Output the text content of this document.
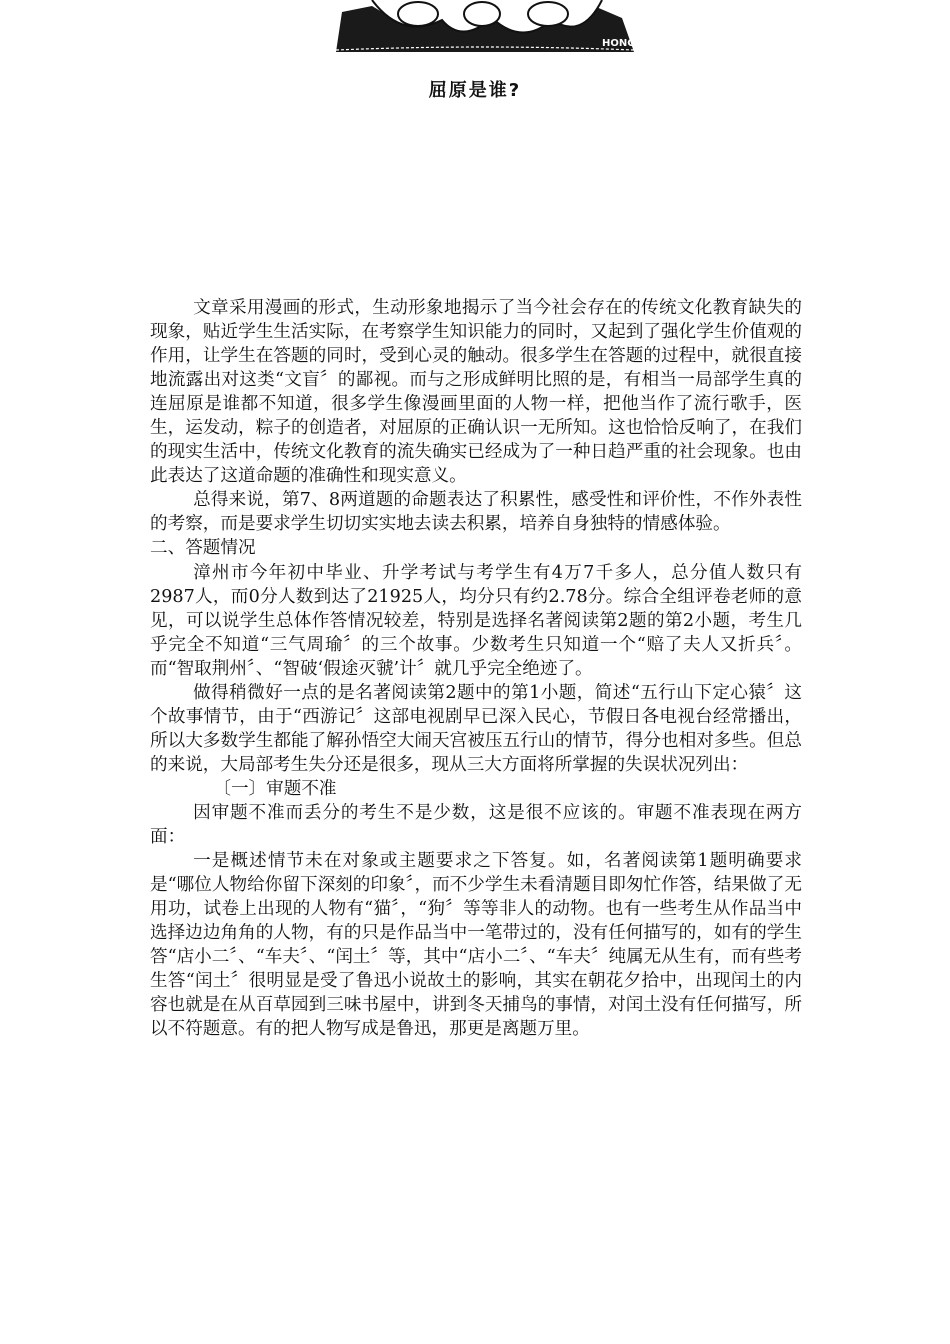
HONG
屈原是谁?

文章采用漫画的形式，生动形象地揭示了当今社会存在的传统文化教育缺失的现象，贴近学生生活实际，在考察学生知识能力的同时，又起到了强化学生价值观的作用，让学生在答题的同时，受到心灵的触动。很多学生在答题的过程中，就很直接地流露出对这类“文盲〞的鄙视。而与之形成鲜明比照的是，有相当一局部学生真的连屈原是谁都不知道，很多学生像漫画里面的人物一样，把他当作了流行歌手，医生，运发动，粽子的创造者，对屈原的正确认识一无所知。这也恰恰反响了，在我们的现实生活中，传统文化教育的流失确实已经成为了一种日趋严重的社会现象。也由此表达了这道命题的准确性和现实意义。

总得来说，第7、8两道题的命题表达了积累性，感受性和评价性，不作外表性的考察，而是要求学生切切实实地去读去积累，培养自身独特的情感体验。

二、答题情况

漳州市今年初中毕业、升学考试与考学生有4万7千多人，总分值人数只有2987人，而0分人数到达了21925人，均分只有约2.78分。综合全组评卷老师的意见，可以说学生总体作答情况较差，特别是选择名著阅读第2题的第2小题，考生几乎完全不知道“三气周瑜〞的三个故事。少数考生只知道一个“赔了夫人又折兵〞。而“智取荆州〞、“智破‘假途灭虢’计〞就几乎完全绝迹了。

做得稍微好一点的是名著阅读第2题中的第1小题，简述“五行山下定心猿〞这个故事情节，由于“西游记〞这部电视剧早已深入民心，节假日各电视台经常播出，所以大多数学生都能了解孙悟空大闹天宫被压五行山的情节，得分也相对多些。但总的来说，大局部考生失分还是很多，现从三大方面将所掌握的失误状况列出：

〔一〕审题不准

因审题不准而丢分的考生不是少数，这是很不应该的。审题不准表现在两方面：

一是概述情节未在对象或主题要求之下答复。如，名著阅读第1题明确要求是“哪位人物给你留下深刻的印象〞，而不少学生未看清题目即匆忙作答，结果做了无用功，试卷上出现的人物有“猫〞，“狗〞等等非人的动物。也有一些考生从作品当中选择边边角角的人物，有的只是作品当中一笔带过的，没有任何描写的，如有的学生答“店小二〞、“车夫〞、“闰土〞等，其中“店小二〞、“车夫〞纯属无从生有，而有些考生答“闰土〞很明显是受了鲁迅小说故土的影响，其实在朝花夕拾中，出现闰土的内容也就是在从百草园到三味书屋中，讲到冬天捕鸟的事情，对闰土没有任何描写，所以不符题意。有的把人物写成是鲁迅，那更是离题万里。
